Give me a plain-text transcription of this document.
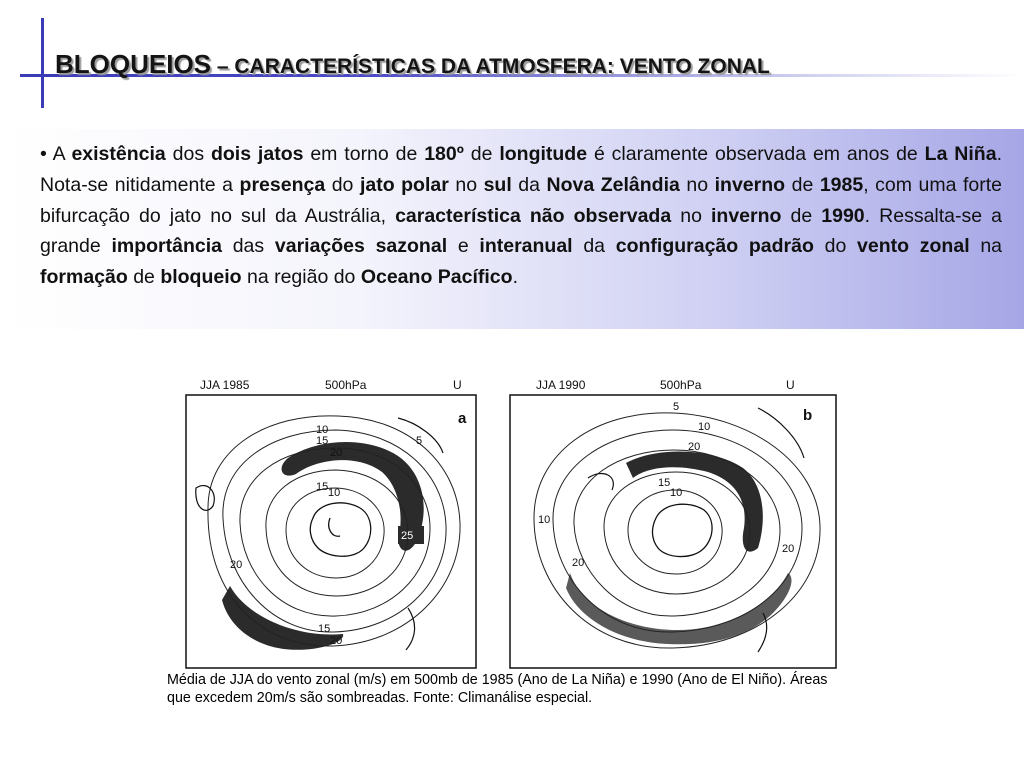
BLOQUEIOS – CARACTERÍSTICAS DA ATMOSFERA: VENTO ZONAL

• A existência dos dois jatos em torno de 180º de longitude é claramente observada em anos de La Niña. Nota-se nitidamente a presença do jato polar no sul da Nova Zelândia no inverno de 1985, com uma forte bifurcação do jato no sul da Austrália, característica não observada no inverno de 1990. Ressalta-se a grande importância das variações sazonal e interanual da configuração padrão do vento zonal na formação de bloqueio na região do Oceano Pacífico.

JJA 1985	500hPa	U
a
10
15
20
5
15 10
25
20
20
15
JJA 1990	500hPa	U
b
5
10
20
15
10
10
20
20

Média de JJA do vento zonal (m/s) em 500mb de 1985 (Ano de La Niña) e 1990 (Ano de El Niño). Áreas que excedem 20m/s são sombreadas. Fonte: Climanálise especial.
